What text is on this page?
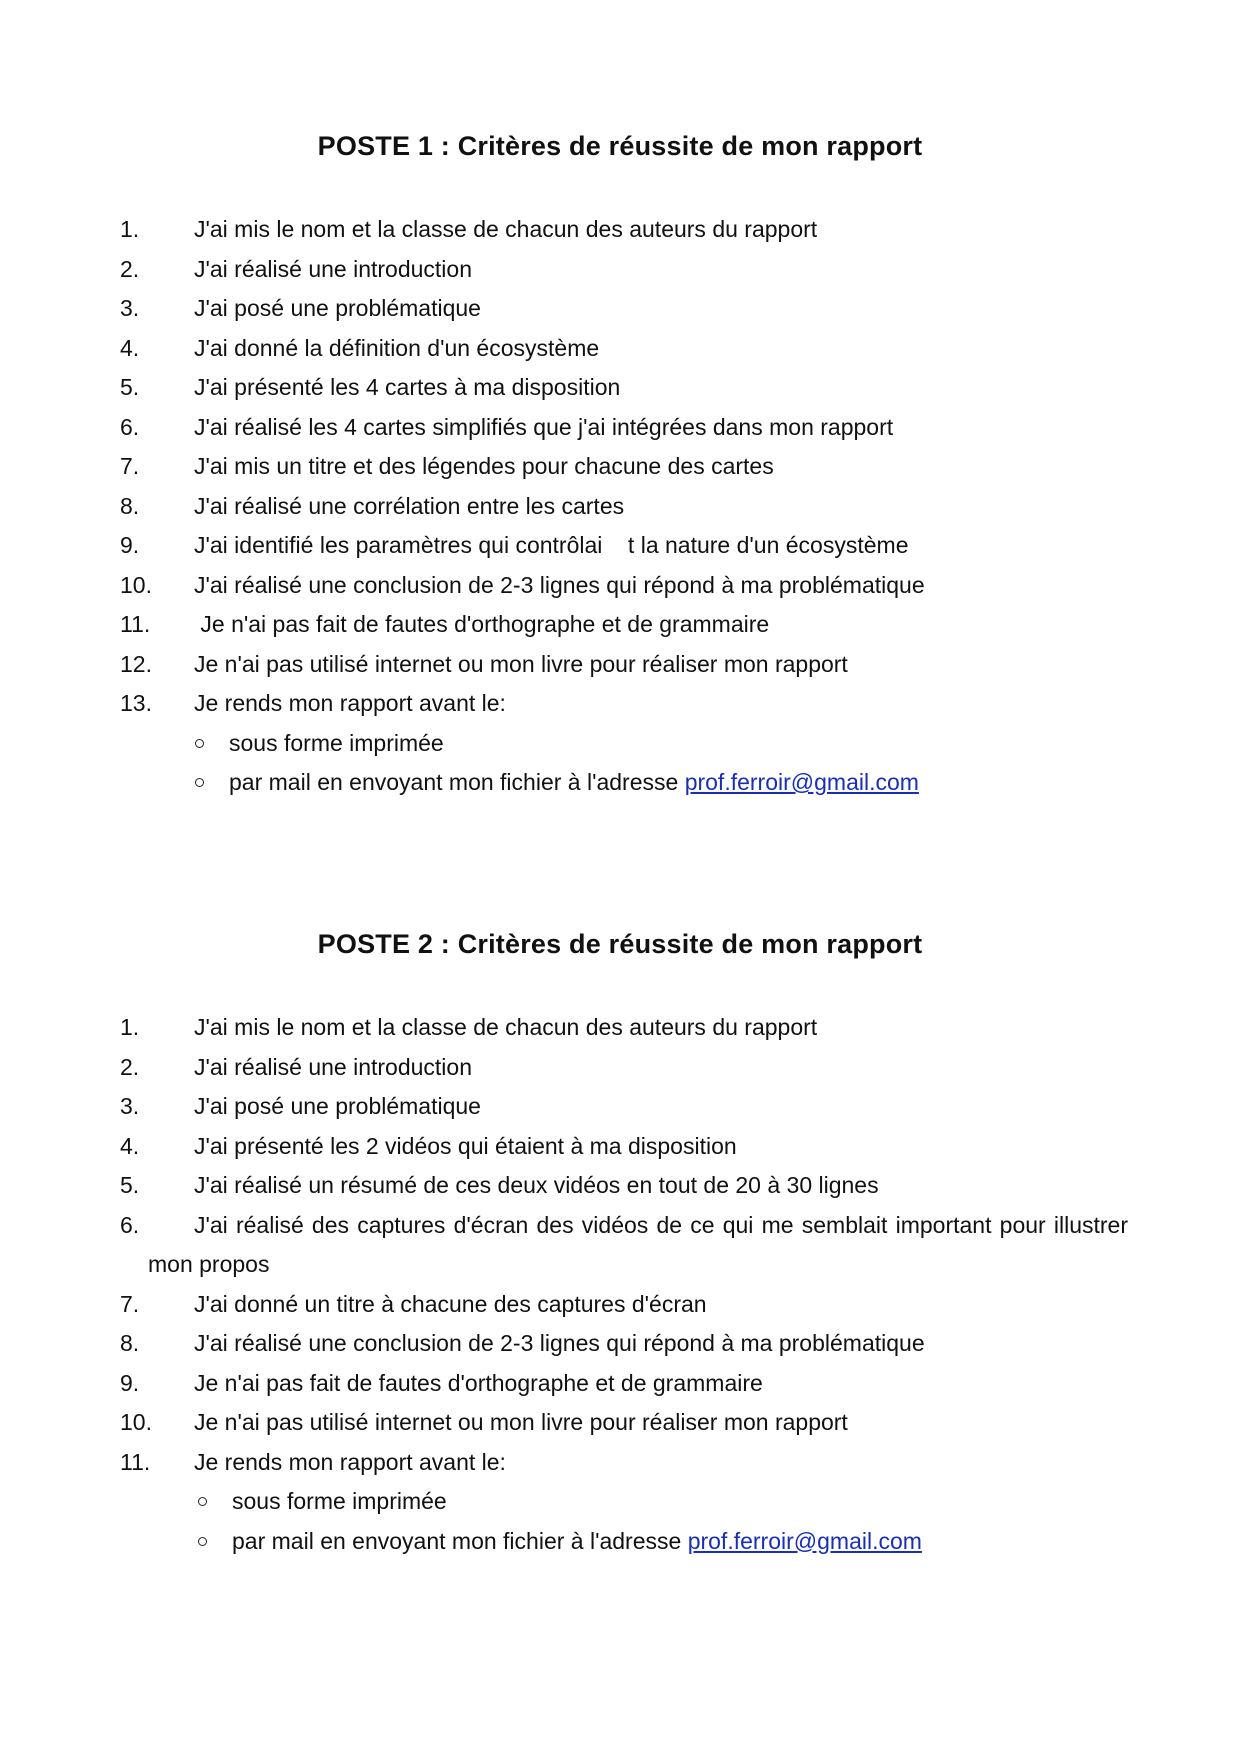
POSTE 1 : Critères de réussite de mon rapport
1. J'ai mis le nom et la classe de chacun des auteurs du rapport
2. J'ai réalisé une introduction
3. J'ai posé une problématique
4. J'ai donné la définition d'un écosystème
5. J'ai présenté les 4 cartes à ma disposition
6. J'ai réalisé les 4 cartes simplifiés que j'ai intégrées dans mon rapport
7. J'ai mis un titre et des légendes pour chacune des cartes
8. J'ai réalisé une corrélation entre les cartes
9. J'ai identifié les paramètres qui contrôlai    t la nature d'un écosystème
10. J'ai réalisé une conclusion de 2-3 lignes qui répond à ma problématique
11. Je n'ai pas fait de fautes d'orthographe et de grammaire
12. Je n'ai pas utilisé internet ou mon livre pour réaliser mon rapport
13. Je rends mon rapport avant le:
sous forme imprimée
par mail en envoyant mon fichier à l'adresse prof.ferroir@gmail.com
POSTE 2 : Critères de réussite de mon rapport
1. J'ai mis le nom et la classe de chacun des auteurs du rapport
2. J'ai réalisé une introduction
3. J'ai posé une problématique
4. J'ai présenté les 2 vidéos qui étaient à ma disposition
5. J'ai réalisé un résumé de ces deux vidéos en tout de 20 à 30 lignes
6.	J'ai réalisé des captures d'écran des vidéos de ce qui me semblait important pour illustrer mon propos
7. J'ai donné un titre à chacune des captures d'écran
8. J'ai réalisé une conclusion de 2-3 lignes qui répond à ma problématique
9. Je n'ai pas fait de fautes d'orthographe et de grammaire
10. Je n'ai pas utilisé internet ou mon livre pour réaliser mon rapport
11. Je rends mon rapport avant le:
sous forme imprimée
par mail en envoyant mon fichier à l'adresse prof.ferroir@gmail.com
